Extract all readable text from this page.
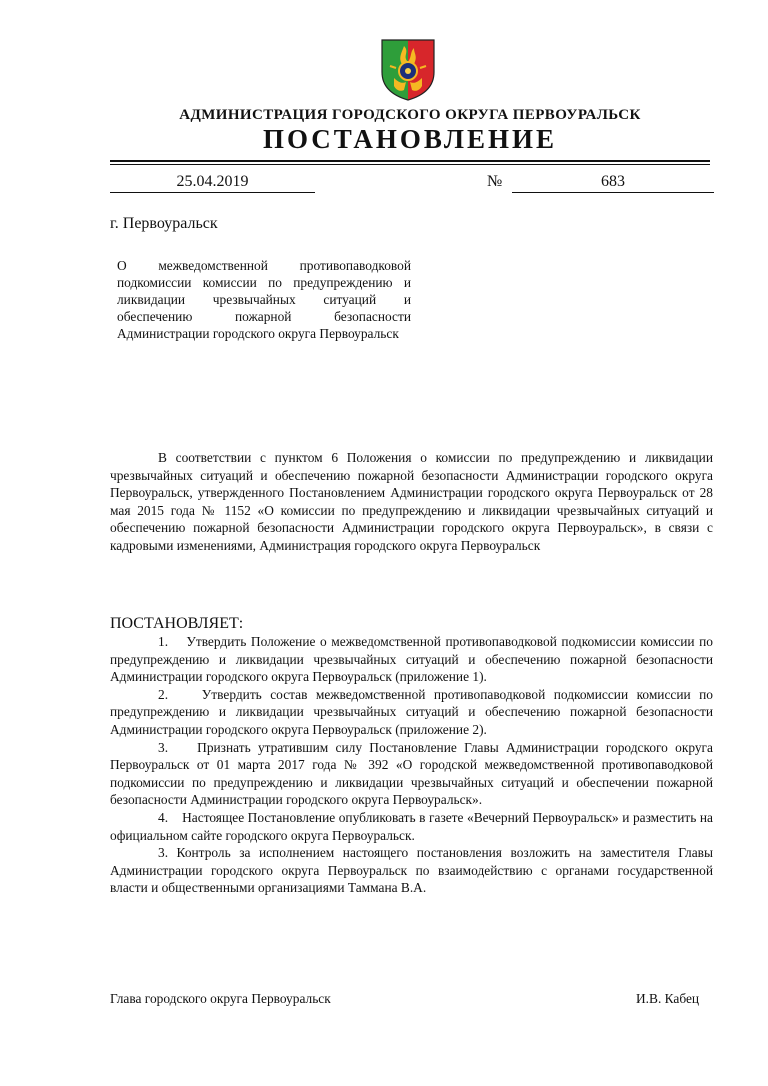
АДМИНИСТРАЦИЯ ГОРОДСКОГО ОКРУГА ПЕРВОУРАЛЬСК
ПОСТАНОВЛЕНИЕ
25.04.2019	№	683
г. Первоуральск
О межведомственной противопаводковой подкомиссии комиссии по предупреждению и ликвидации чрезвычайных ситуаций и обеспечению пожарной безопасности Администрации городского округа Первоуральск
В соответствии с пунктом 6 Положения о комиссии по предупреждению и ликвидации чрезвычайных ситуаций и обеспечению пожарной безопасности Администрации городского округа Первоуральск, утвержденного Постановлением Администрации городского округа Первоуральск от 28 мая 2015 года № 1152 «О комиссии по предупреждению и ликвидации чрезвычайных ситуаций и обеспечению пожарной безопасности Администрации городского округа Первоуральск», в связи с кадровыми изменениями, Администрация городского округа Первоуральск
ПОСТАНОВЛЯЕТ:
1.    Утвердить Положение о межведомственной противопаводковой подкомиссии комиссии по предупреждению и ликвидации чрезвычайных ситуаций и обеспечению пожарной безопасности Администрации городского округа Первоуральск (приложение 1).
2.    Утвердить состав межведомственной противопаводковой подкомиссии комиссии по предупреждению и ликвидации чрезвычайных ситуаций и обеспечению пожарной безопасности Администрации городского округа Первоуральск (приложение 2).
3.    Признать утратившим силу Постановление Главы Администрации городского округа Первоуральск от 01 марта 2017 года № 392 «О городской межведомственной противопаводковой подкомиссии по предупреждению и ликвидации чрезвычайных ситуаций и обеспечении пожарной безопасности Администрации городского округа Первоуральск».
4.    Настоящее Постановление опубликовать в газете «Вечерний Первоуральск» и разместить на официальном сайте городского округа Первоуральск.
3. Контроль за исполнением настоящего постановления возложить на заместителя Главы Администрации городского округа Первоуральск по взаимодействию с органами государственной власти и общественными организациями Таммана В.А.
Глава городского округа Первоуральск	И.В. Кабец
